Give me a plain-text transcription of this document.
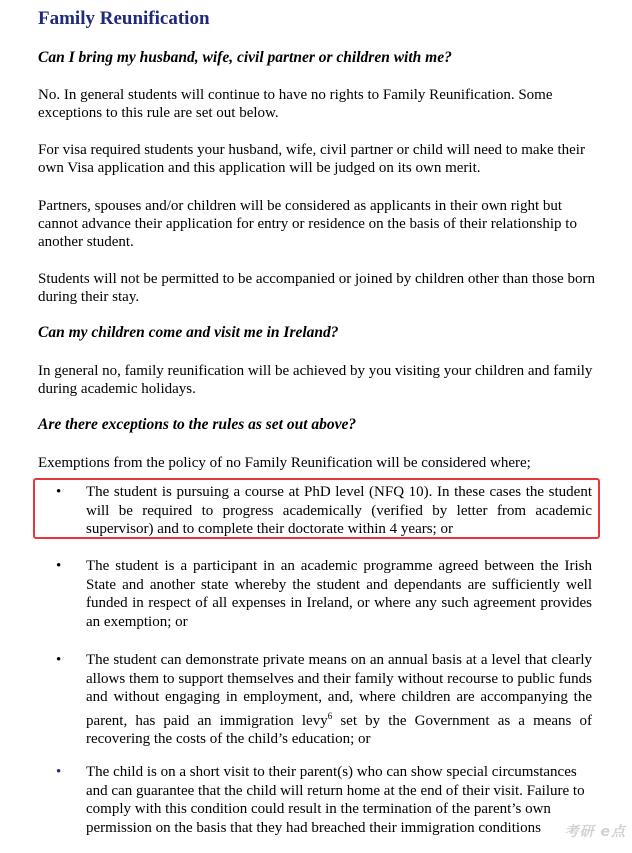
Family Reunification

Can I bring my husband, wife, civil partner or children with me?

No. In general students will continue to have no rights to Family Reunification. Some exceptions to this rule are set out below.

For visa required students your husband, wife, civil partner or child will need to make their own Visa application and this application will be judged on its own merit.

Partners, spouses and/or children will be considered as applicants in their own right but cannot advance their application for entry or residence on the basis of their relationship to another student.

Students will not be permitted to be accompanied or joined by children other than those born during their stay.

Can my children come and visit me in Ireland?

In general no, family reunification will be achieved by you visiting your children and family during academic holidays.

Are there exceptions to the rules as set out above?

Exemptions from the policy of no Family Reunification will be considered where;

•	The student is pursuing a course at PhD level (NFQ 10). In these cases the student will be required to progress academically (verified by letter from academic supervisor) and to complete their doctorate within 4 years; or
•	The student is a participant in an academic programme agreed between the Irish State and another state whereby the student and dependants are sufficiently well funded in respect of all expenses in Ireland, or where any such agreement provides an exemption; or
•	The student can demonstrate private means on an annual basis at a level that clearly allows them to support themselves and their family without recourse to public funds and without engaging in employment, and, where children are accompanying the parent, has paid an immigration levy$^6$ set by the Government as a means of recovering the costs of the child’s education; or
•	The child is on a short visit to their parent(s) who can show special circumstances and can guarantee that the child will return home at the end of their visit. Failure to comply with this condition could result in the termination of the parent’s own permission on the basis that they had breached their immigration conditions	考研 e点
